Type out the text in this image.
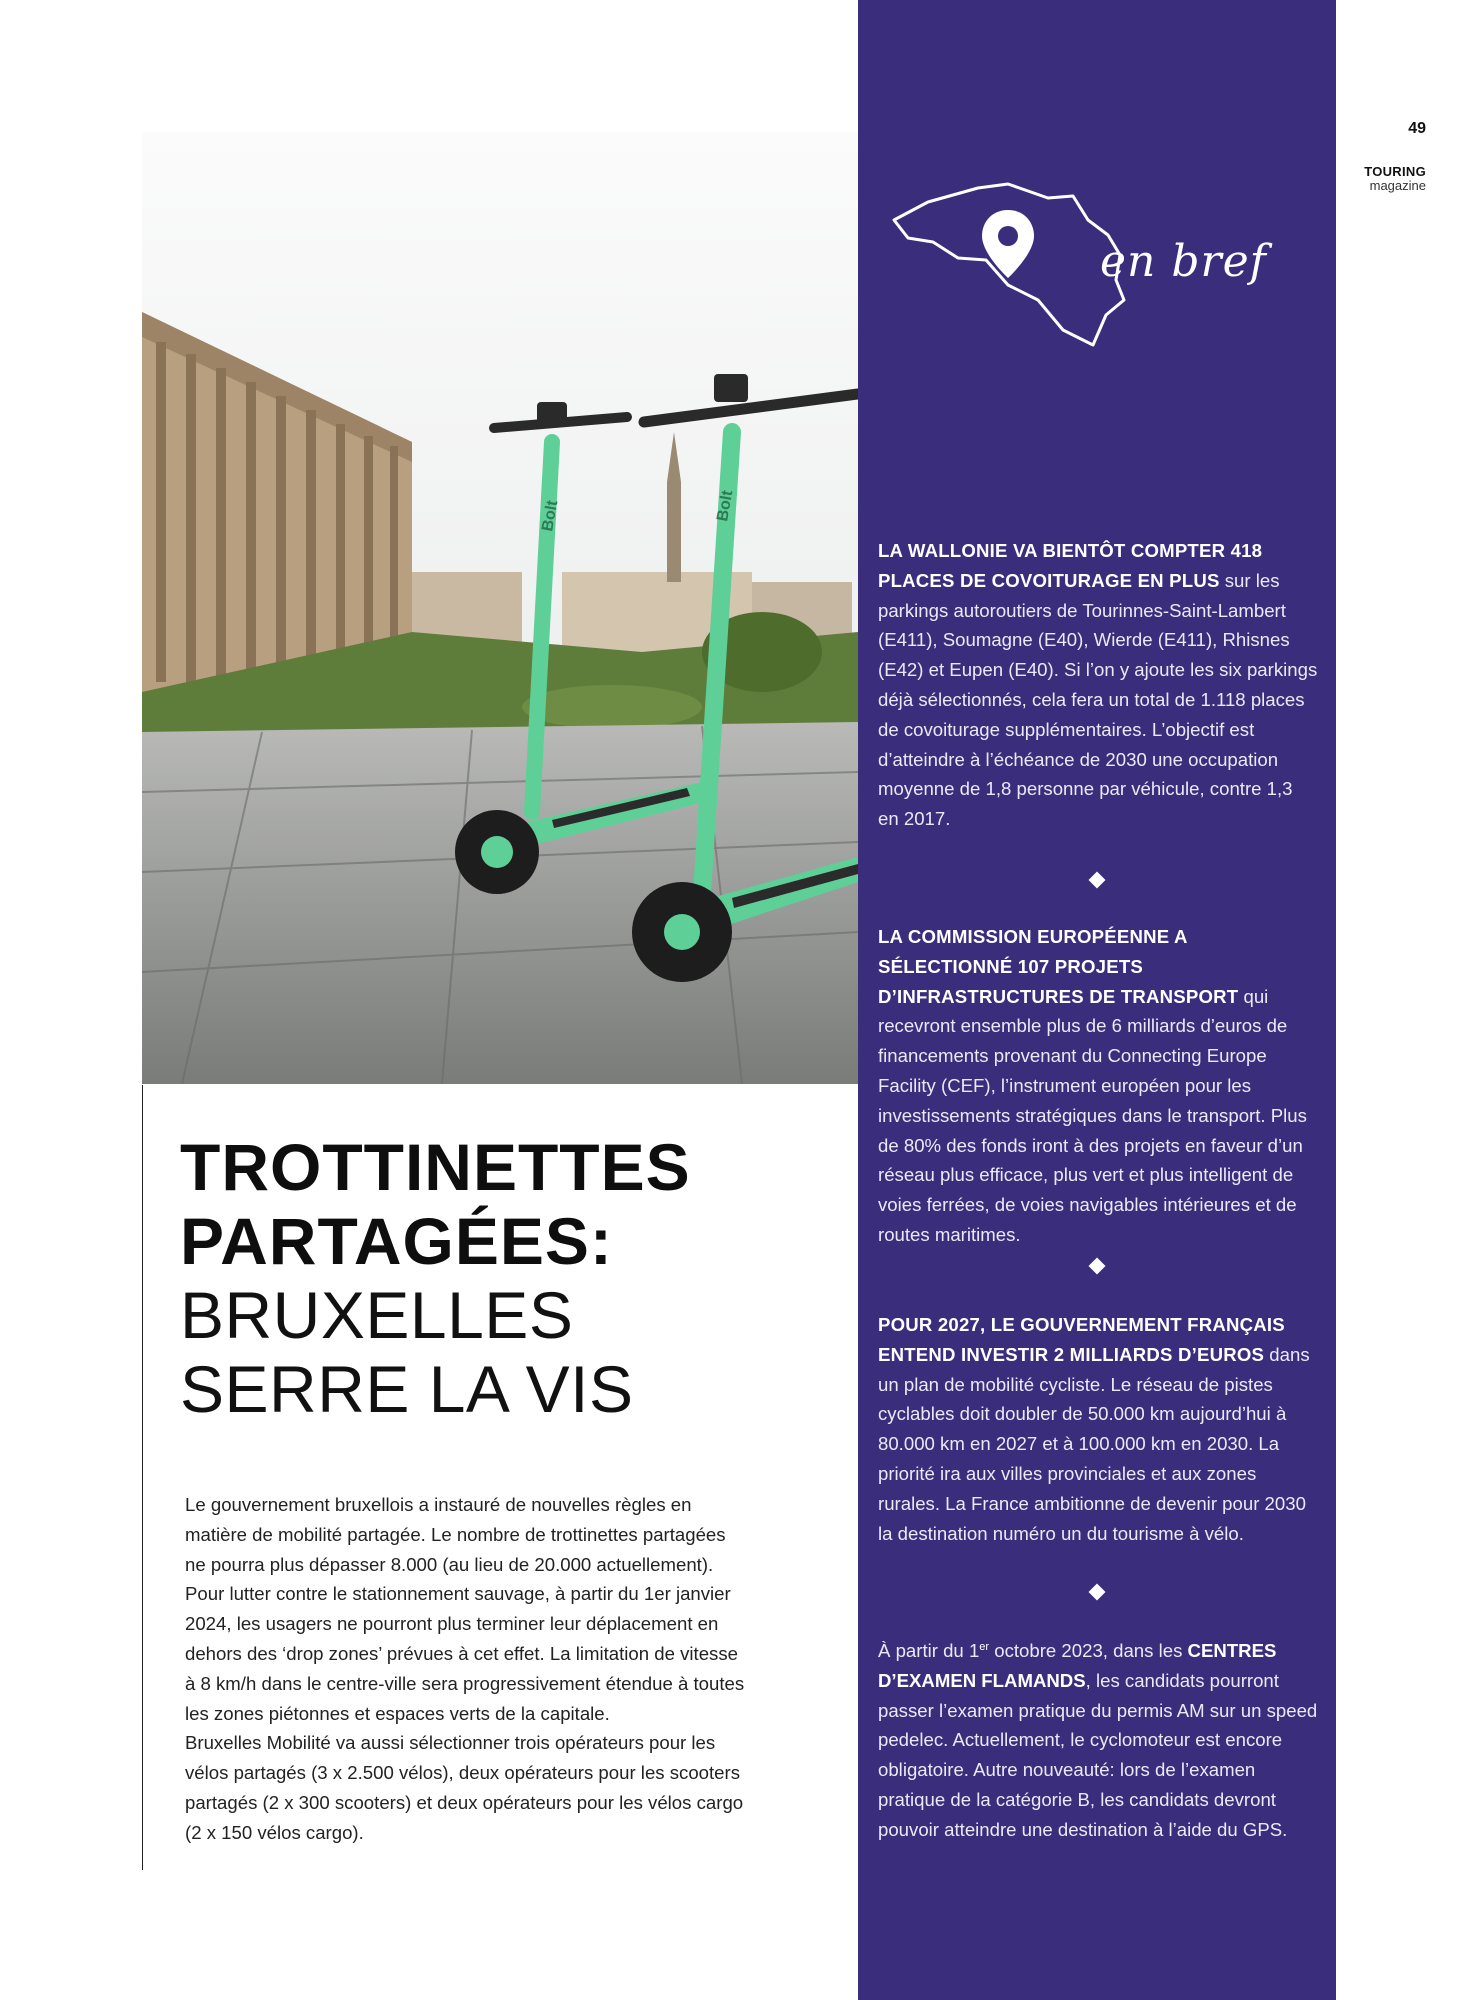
49
TOURING
magazine
Bolt	Bolt
TROTTINETTES
PARTAGÉES:
BRUXELLES
SERRE LA VIS

Le gouvernement bruxellois a instauré de nouvelles règles en matière de mobilité partagée. Le nombre de trottinettes partagées ne pourra plus dépasser 8.000 (au lieu de 20.000 actuellement). Pour lutter contre le stationnement sauvage, à partir du 1er janvier 2024, les usagers ne pourront plus terminer leur déplacement en dehors des ‘drop zones’ prévues à cet effet. La limitation de vitesse à 8 km/h dans le centre-ville sera progressivement étendue à toutes les zones piétonnes et espaces verts de la capitale.

Bruxelles Mobilité va aussi sélectionner trois opérateurs pour les vélos partagés (3 x 2.500 vélos), deux opérateurs pour les scooters partagés (2 x 300 scooters) et deux opérateurs pour les vélos cargo (2 x 150 vélos cargo).

en bref
LA WALLONIE VA BIENTÔT COMPTER 418 PLACES DE COVOITURAGE EN PLUS sur les parkings autoroutiers de Tourinnes-Saint-Lambert (E411), Soumagne (E40), Wierde (E411), Rhisnes (E42) et Eupen (E40). Si l’on y ajoute les six parkings déjà sélectionnés, cela fera un total de 1.118 places de covoiturage supplémentaires. L’objectif est d’atteindre à l’échéance de 2030 une occupation moyenne de 1,8 personne par véhicule, contre 1,3 en 2017.
LA COMMISSION EUROPÉENNE A SÉLECTIONNÉ 107 PROJETS D’INFRASTRUCTURES DE TRANSPORT qui recevront ensemble plus de 6 milliards d’euros de financements provenant du Connecting Europe Facility (CEF), l’instrument européen pour les investissements stratégiques dans le transport. Plus de 80% des fonds iront à des projets en faveur d’un réseau plus efficace, plus vert et plus intelligent de voies ferrées, de voies navigables intérieures et de routes maritimes.
POUR 2027, LE GOUVERNEMENT FRANÇAIS ENTEND INVESTIR 2 MILLIARDS D’EUROS dans un plan de mobilité cycliste. Le réseau de pistes cyclables doit doubler de 50.000 km aujourd’hui à 80.000 km en 2027 et à 100.000 km en 2030. La priorité ira aux villes provinciales et aux zones rurales. La France ambitionne de devenir pour 2030 la destination numéro un du tourisme à vélo.
À partir du 1er octobre 2023, dans les CENTRES D’EXAMEN FLAMANDS, les candidats pourront passer l’examen pratique du permis AM sur un speed pedelec. Actuellement, le cyclomoteur est encore obligatoire. Autre nouveauté: lors de l’examen pratique de la catégorie B, les candidats devront pouvoir atteindre une destination à l’aide du GPS.
